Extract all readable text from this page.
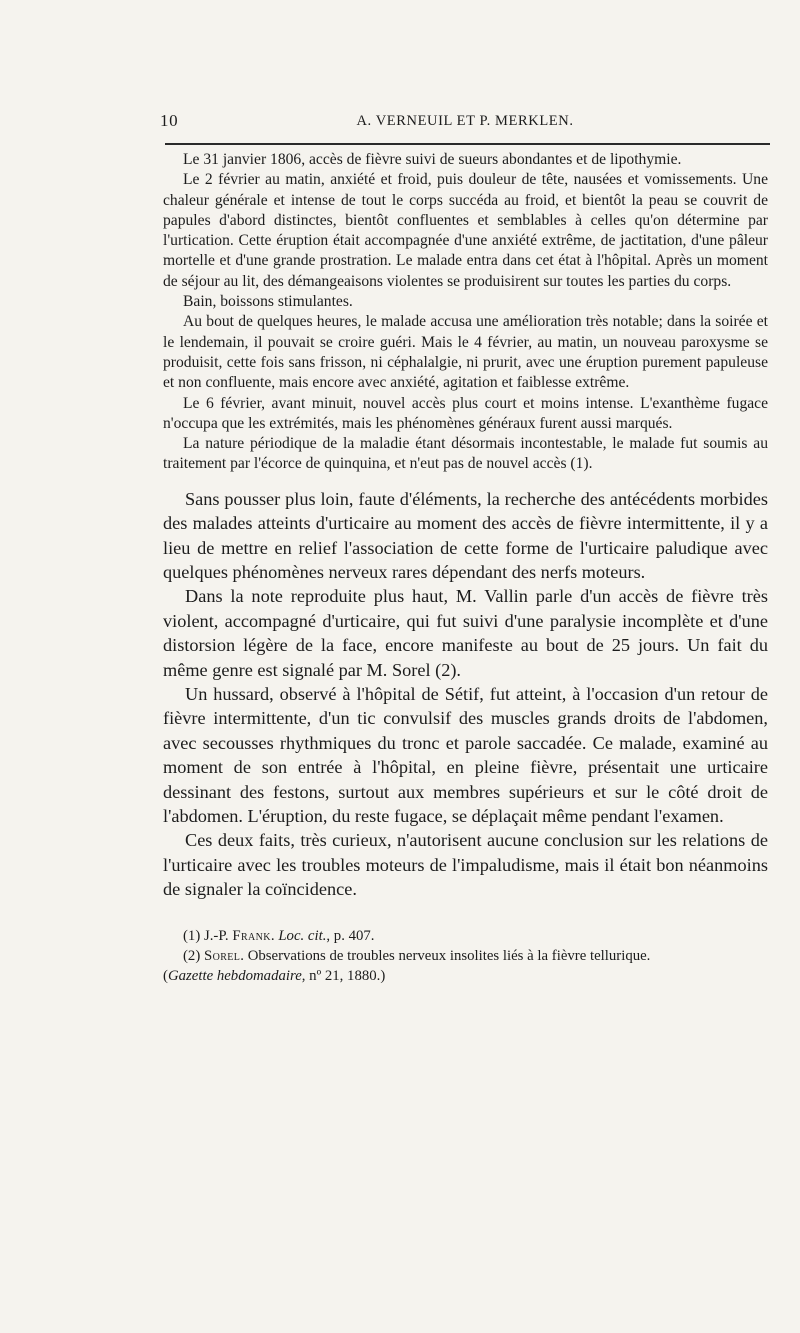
10	A. VERNEUIL ET P. MERKLEN.

Le 31 janvier 1806, accès de fièvre suivi de sueurs abondantes et de lipothymie.

Le 2 février au matin, anxiété et froid, puis douleur de tête, nausées et vomissements. Une chaleur générale et intense de tout le corps succéda au froid, et bientôt la peau se couvrit de papules d'abord distinctes, bientôt confluentes et semblables à celles qu'on détermine par l'urtication. Cette éruption était accompagnée d'une anxiété extrême, de jactitation, d'une pâleur mortelle et d'une grande prostration. Le malade entra dans cet état à l'hôpital. Après un moment de séjour au lit, des démangeaisons violentes se produisirent sur toutes les parties du corps.

Bain, boissons stimulantes.

Au bout de quelques heures, le malade accusa une amélioration très notable; dans la soirée et le lendemain, il pouvait se croire guéri. Mais le 4 février, au matin, un nouveau paroxysme se produisit, cette fois sans frisson, ni céphalalgie, ni prurit, avec une éruption purement papuleuse et non confluente, mais encore avec anxiété, agitation et faiblesse extrême.

Le 6 février, avant minuit, nouvel accès plus court et moins intense. L'exanthème fugace n'occupa que les extrémités, mais les phénomènes généraux furent aussi marqués.

La nature périodique de la maladie étant désormais incontestable, le malade fut soumis au traitement par l'écorce de quinquina, et n'eut pas de nouvel accès (1).

Sans pousser plus loin, faute d'éléments, la recherche des antécédents morbides des malades atteints d'urticaire au moment des accès de fièvre intermittente, il y a lieu de mettre en relief l'association de cette forme de l'urticaire paludique avec quelques phénomènes nerveux rares dépendant des nerfs moteurs.

Dans la note reproduite plus haut, M. Vallin parle d'un accès de fièvre très violent, accompagné d'urticaire, qui fut suivi d'une paralysie incomplète et d'une distorsion légère de la face, encore manifeste au bout de 25 jours. Un fait du même genre est signalé par M. Sorel (2).

Un hussard, observé à l'hôpital de Sétif, fut atteint, à l'occasion d'un retour de fièvre intermittente, d'un tic convulsif des muscles grands droits de l'abdomen, avec secousses rhythmiques du tronc et parole saccadée. Ce malade, examiné au moment de son entrée à l'hôpital, en pleine fièvre, présentait une urticaire dessinant des festons, surtout aux membres supérieurs et sur le côté droit de l'abdomen. L'éruption, du reste fugace, se déplaçait même pendant l'examen.

Ces deux faits, très curieux, n'autorisent aucune conclusion sur les relations de l'urticaire avec les troubles moteurs de l'impaludisme, mais il était bon néanmoins de signaler la coïncidence.

(1) J.-P. Frank. Loc. cit., p. 407.

(2) Sorel. Observations de troubles nerveux insolites liés à la fièvre tellurique.

(Gazette hebdomadaire, nº 21, 1880.)
